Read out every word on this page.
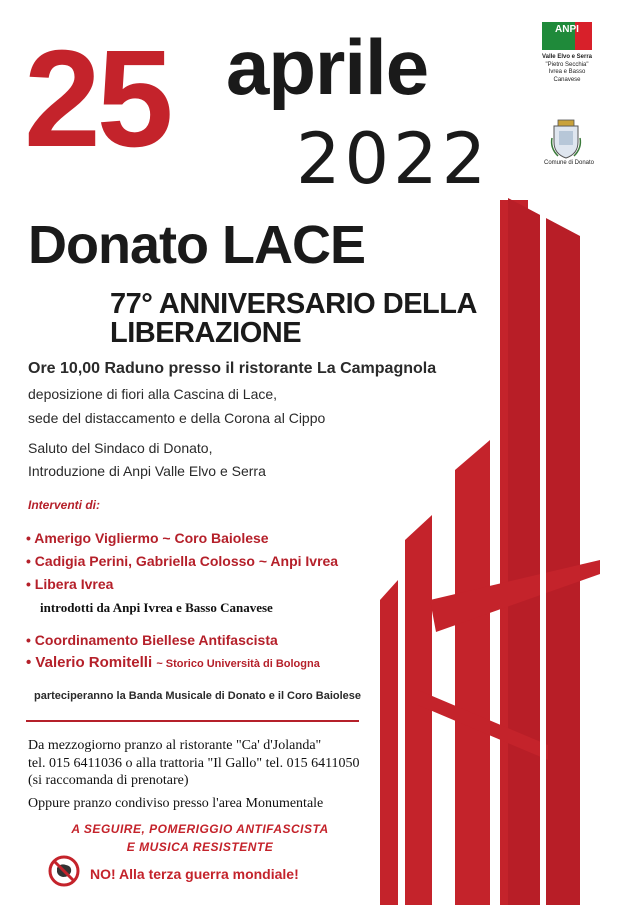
25 aprile
2022
ANPI
Valle Elvo e Serra
"Pietro Secchia"
Ivrea e Basso Canavese
Comune di Donato
Donato LACE
77° ANNIVERSARIO DELLA LIBERAZIONE
Ore 10,00 Raduno presso il ristorante La Campagnola
deposizione di fiori alla Cascina di Lace,
sede del distaccamento e della Corona al Cippo
Saluto del Sindaco di Donato,
Introduzione di Anpi Valle Elvo e Serra
Interventi di:
• Amerigo Vigliermo ~ Coro Baiolese
• Cadigia Perini, Gabriella Colosso ~ Anpi Ivrea
• Libera Ivrea
introdotti da Anpi Ivrea e Basso Canavese
• Coordinamento Biellese Antifascista
• Valerio Romitelli ~ Storico Università di Bologna
parteciperanno la Banda Musicale di Donato e il Coro Baiolese
Da mezzogiorno pranzo al ristorante "Ca' d'Jolanda"
tel. 015 6411036 o alla trattoria "Il Gallo" tel. 015 6411050
(si raccomanda di prenotare)
Oppure pranzo condiviso presso l'area Monumentale
A SEGUIRE, POMERIGGIO ANTIFASCISTA
E MUSICA RESISTENTE
NO! Alla terza guerra mondiale!
